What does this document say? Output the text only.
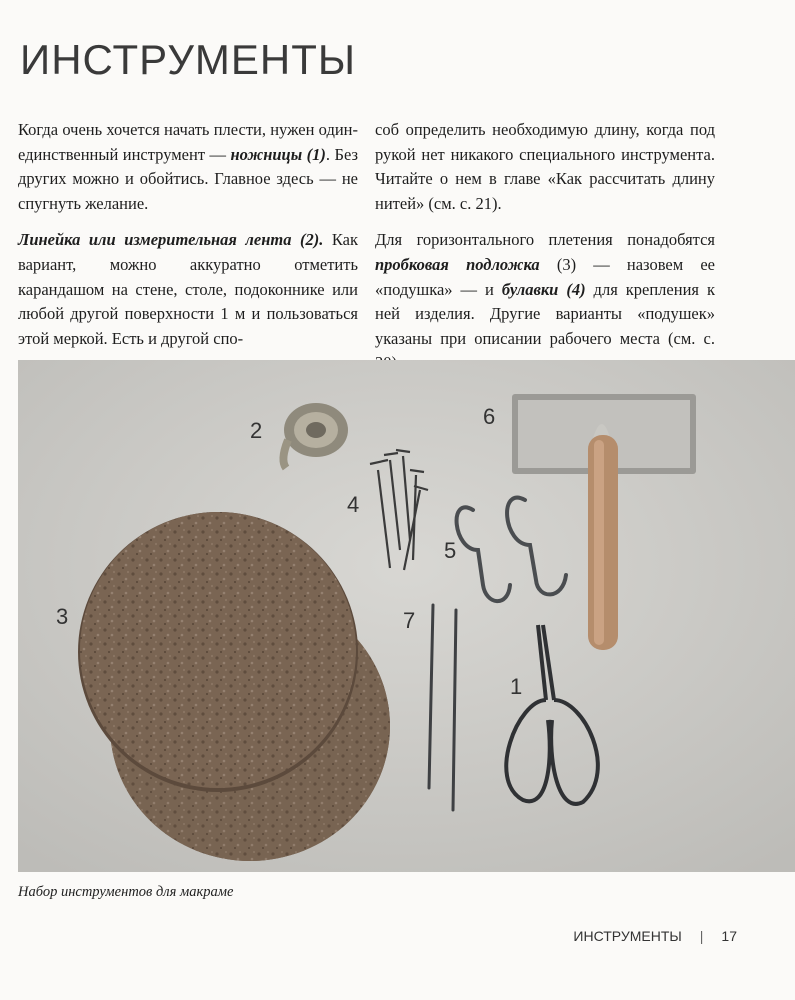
ИНСТРУМЕНТЫ

Когда очень хочется начать плести, нужен один-единственный инструмент — ножницы (1). Без других можно и обойтись. Главное здесь — не спугнуть желание.

Линейка или измерительная лента (2). Как вариант, можно аккуратно отметить карандашом на стене, столе, подоконнике или любой другой поверхности 1 м и пользоваться этой меркой. Есть и другой спо-

соб определить необходимую длину, когда под рукой нет никакого специального инструмента. Читайте о нем в главе «Как рассчитать длину нитей» (см. с. 21).

Для горизонтального плетения понадобятся пробковая подложка (3) — назовем ее «подушка» — и булавки (4) для крепления к ней изделия. Другие варианты «подушек» указаны при описании рабочего места (см. с.

1
2
3
4
5
6
7

Набор инструментов для макраме

ИНСТРУМЕНТЫ | 17
